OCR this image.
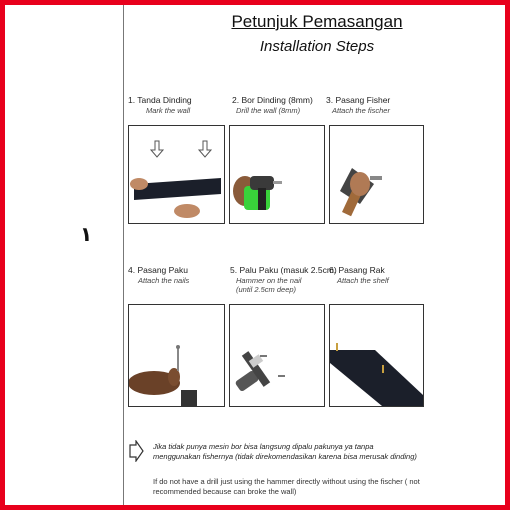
١
Petunjuk Pemasangan
Installation Steps
1. Tanda Dinding
Mark the wall
2. Bor Dinding (8mm)
Drill the wall (8mm)
3. Pasang Fisher
Attach the fischer
4. Pasang Paku
Attach the nails
5. Palu Paku (masuk 2.5cm)
Hammer on the nail
(until 2.5cm deep)
6. Pasang Rak
Attach the shelf
Jika tidak punya mesin bor bisa langsung dipalu pakunya ya tanpa
menggunakan fishernya (tidak direkomendasikan karena bisa merusak dinding)
If do not have a drill just using the hammer directly without using the fischer ( not
recommended because can broke the wall)
